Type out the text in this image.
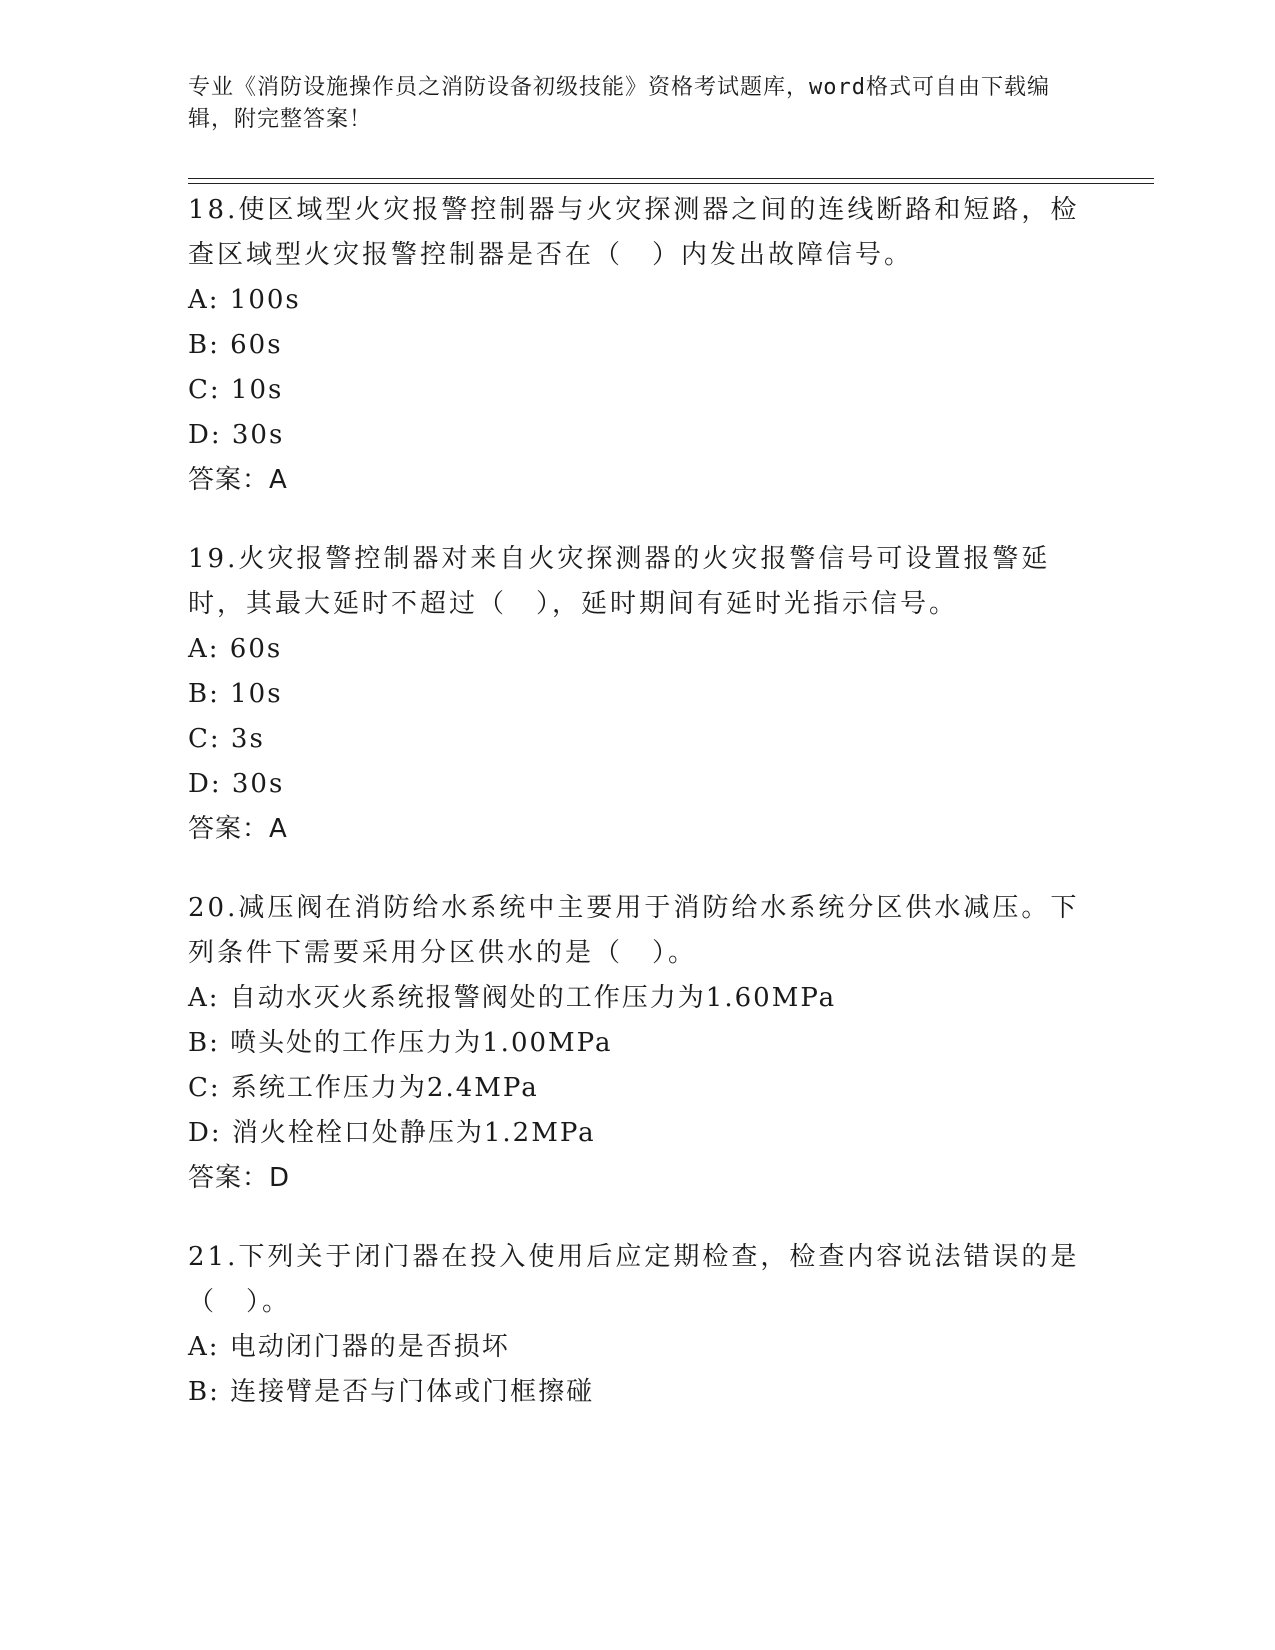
专业《消防设施操作员之消防设备初级技能》资格考试题库，word格式可自由下载编辑，附完整答案！
18.使区域型火灾报警控制器与火灾探测器之间的连线断路和短路，检查区域型火灾报警控制器是否在（　）内发出故障信号。
A: 100s
B: 60s
C: 10s
D: 30s
答案：A
19.火灾报警控制器对来自火灾探测器的火灾报警信号可设置报警延时，其最大延时不超过（　），延时期间有延时光指示信号。
A: 60s
B: 10s
C: 3s
D: 30s
答案：A
20.减压阀在消防给水系统中主要用于消防给水系统分区供水减压。下列条件下需要采用分区供水的是（　）。
A: 自动水灭火系统报警阀处的工作压力为1.60MPa
B: 喷头处的工作压力为1.00MPa
C: 系统工作压力为2.4MPa
D: 消火栓栓口处静压为1.2MPa
答案：D
21.下列关于闭门器在投入使用后应定期检查，检查内容说法错误的是（　）。
A: 电动闭门器的是否损坏
B: 连接臂是否与门体或门框擦碰
